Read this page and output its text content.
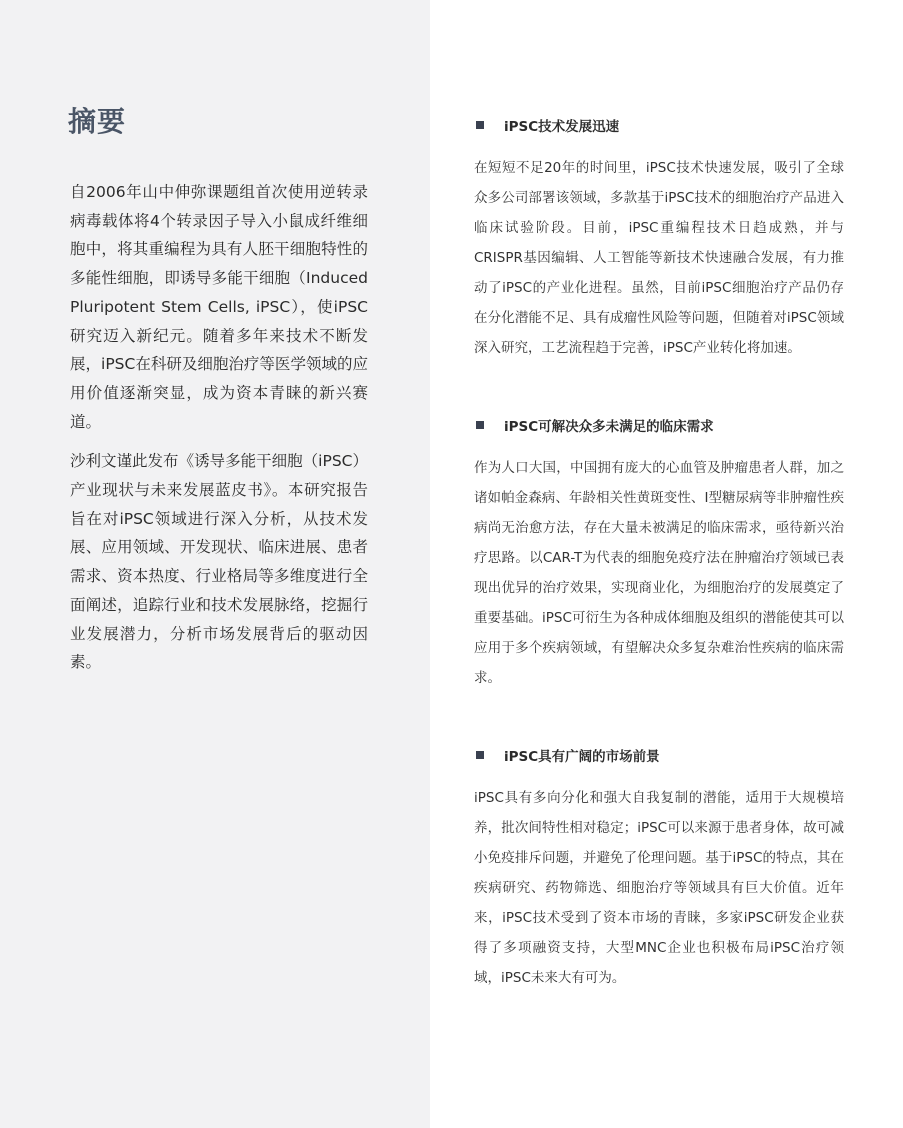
摘要

自2006年山中伸弥课题组首次使用逆转录病毒载体将4个转录因子导入小鼠成纤维细胞中，将其重编程为具有人胚干细胞特性的多能性细胞，即诱导多能干细胞（Induced Pluripotent Stem Cells, iPSC），使iPSC研究迈入新纪元。随着多年来技术不断发展，iPSC在科研及细胞治疗等医学领域的应用价值逐渐突显，成为资本青睐的新兴赛道。

沙利文谨此发布《诱导多能干细胞（iPSC）产业现状与未来发展蓝皮书》。本研究报告旨在对iPSC领域进行深入分析，从技术发展、应用领域、开发现状、临床进展、患者需求、资本热度、行业格局等多维度进行全面阐述，追踪行业和技术发展脉络，挖掘行业发展潜力，分析市场发展背后的驱动因素。

iPSC技术发展迅速

在短短不足20年的时间里，iPSC技术快速发展，吸引了全球众多公司部署该领域，多款基于iPSC技术的细胞治疗产品进入临床试验阶段。目前，iPSC重编程技术日趋成熟，并与CRISPR基因编辑、人工智能等新技术快速融合发展，有力推动了iPSC的产业化进程。虽然，目前iPSC细胞治疗产品仍存在分化潜能不足、具有成瘤性风险等问题，但随着对iPSC领域深入研究，工艺流程趋于完善，iPSC产业转化将加速。

iPSC可解决众多未满足的临床需求

作为人口大国，中国拥有庞大的心血管及肿瘤患者人群，加之诸如帕金森病、年龄相关性黄斑变性、Ⅰ型糖尿病等非肿瘤性疾病尚无治愈方法，存在大量未被满足的临床需求，亟待新兴治疗思路。以CAR-T为代表的细胞免疫疗法在肿瘤治疗领域已表现出优异的治疗效果，实现商业化，为细胞治疗的发展奠定了重要基础。iPSC可衍生为各种成体细胞及组织的潜能使其可以应用于多个疾病领域，有望解决众多复杂难治性疾病的临床需求。

iPSC具有广阔的市场前景

iPSC具有多向分化和强大自我复制的潜能，适用于大规模培养，批次间特性相对稳定；iPSC可以来源于患者身体，故可减小免疫排斥问题，并避免了伦理问题。基于iPSC的特点，其在疾病研究、药物筛选、细胞治疗等领域具有巨大价值。近年来，iPSC技术受到了资本市场的青睐，多家iPSC研发企业获得了多项融资支持，大型MNC企业也积极布局iPSC治疗领域，iPSC未来大有可为。
